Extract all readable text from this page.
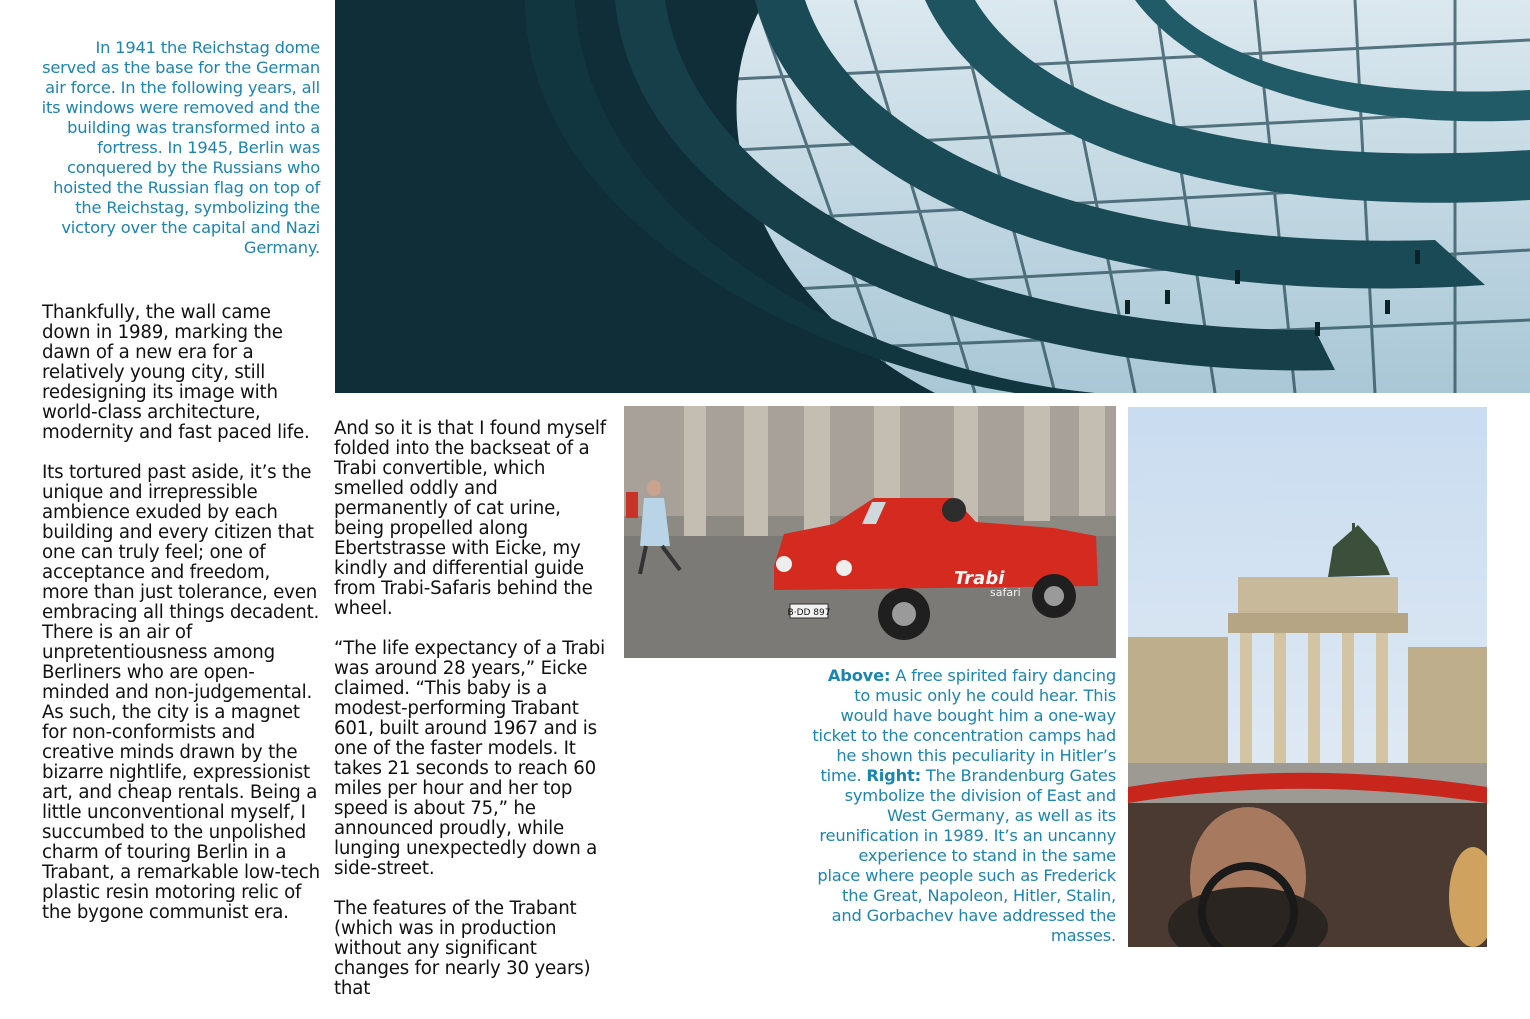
In 1941 the Reichstag dome served as the base for the German air force. In the following years, all its windows were removed and the building was transformed into a fortress. In 1945, Berlin was conquered by the Russians who hoisted the Russian flag on top of the Reichstag, symbolizing the victory over the capital and Nazi Germany.

Thankfully, the wall came down in 1989, marking the dawn of a new era for a relatively young city, still redesigning its image with world-class architecture, modernity and fast paced life.

Its tortured past aside, it’s the unique and irrepressible ambience exuded by each building and every citizen that one can truly feel; one of acceptance and freedom, more than just tolerance, even embracing all things decadent. There is an air of unpretentiousness among Berliners who are open-minded and non-judgemental. As such, the city is a magnet for non-conformists and creative minds drawn by the bizarre nightlife, expressionist art, and cheap rentals. Being a little unconventional myself, I succumbed to the unpolished charm of touring Berlin in a Trabant, a remarkable low-tech plastic resin motoring relic of the bygone communist era.

And so it is that I found myself folded into the backseat of a Trabi convertible, which smelled oddly and permanently of cat urine, being propelled along Ebertstrasse with Eicke, my kindly and differential guide from Trabi-Safaris behind the wheel.

“The life expectancy of a Trabi was around 28 years,” Eicke claimed. “This baby is a modest-performing Trabant 601, built around 1967 and is one of the faster models. It takes 21 seconds to reach 60 miles per hour and her top speed is about 75,” he announced proudly, while lunging unexpectedly down a side-street.

The features of the Trabant (which was in production without any significant changes for nearly 30 years) that

B·DD 897
Trabi
safari

Above: A free spirited fairy dancing to music only he could hear. This would have bought him a one-way ticket to the concentration camps had he shown this peculiarity in Hitler’s time. Right: The Brandenburg Gates symbolize the division of East and West Germany, as well as its reunification in 1989. It’s an uncanny experience to stand in the same place where people such as Frederick the Great, Napoleon, Hitler, Stalin, and Gorbachev have addressed the masses.
